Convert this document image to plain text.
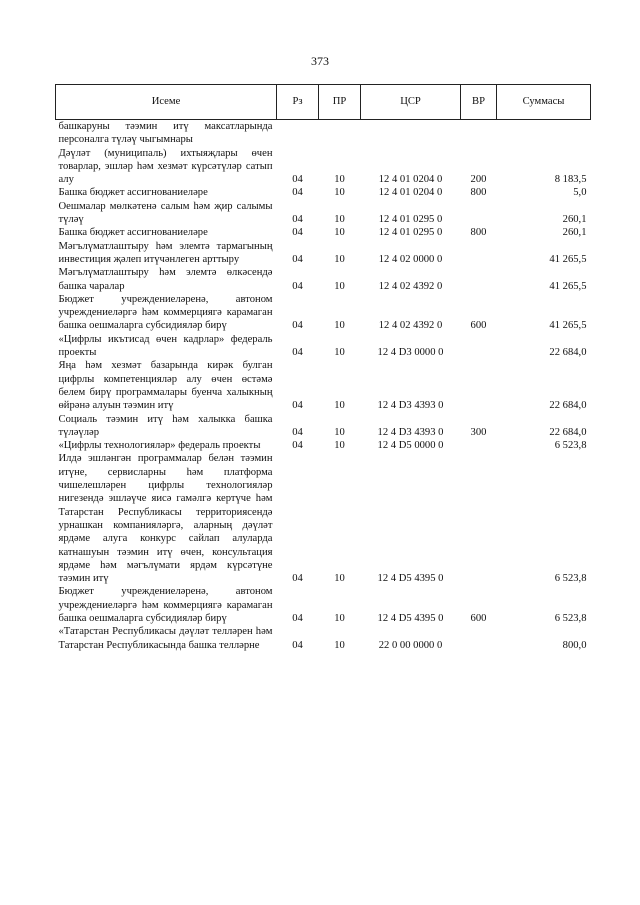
373
Исеме	Рз	ПР	ЦСР	ВР	Суммасы
башкаруны тәэмин итү максатларында персоналга түләү чыгымнары					
Дәүләт (муниципаль) ихтыяҗлары өчен товарлар, эшләр һәм хезмәт күрсәтүләр сатып алу	04	10	12 4 01 0204 0	200	8 183,5
Башка бюджет ассигнованиеләре	04	10	12 4 01 0204 0	800	5,0
Оешмалар мөлкәтенә салым һәм җир салымы түләү	04	10	12 4 01 0295 0		260,1
Башка бюджет ассигнованиеләре	04	10	12 4 01 0295 0	800	260,1
Мәгълүматлаштыру һәм элемтә тармагының инвестиция җәлеп итүчәнлеген арттыру	04	10	12 4 02 0000 0		41 265,5
Мәгълүматлаштыру һәм элемтә өлкәсендә башка чаралар	04	10	12 4 02 4392 0		41 265,5
Бюджет учреждениеләренә, автоном учреждениеләргә һәм коммерциягә карамаган башка оешмаларга субсидияләр бирү	04	10	12 4 02 4392 0	600	41 265,5
«Цифрлы икътисад өчен кадрлар» федераль проекты	04	10	12 4 D3 0000 0		22 684,0
Яңа һәм хезмәт базарында кирәк булган цифрлы компетенцияләр алу өчен өстәмә белем бирү программалары буенча халыкның өйрәнә алуын тәэмин итү	04	10	12 4 D3 4393 0		22 684,0
Социаль тәэмин итү һәм халыкка башка түләүләр	04	10	12 4 D3 4393 0	300	22 684,0
«Цифрлы технологияләр» федераль проекты	04	10	12 4 D5 0000 0		6 523,8
Илдә эшләнгән программалар белән тәэмин итүне, сервисларны һәм платформа чишелешләрен цифрлы технологияләр нигезендә эшләүче яисә гамәлгә кертүче һәм Татарстан Республикасы территориясендә урнашкан компанияләргә, аларның дәүләт ярдәме алуга конкурс сайлап алуларда катнашуын тәэмин итү өчен, консультация ярдәме һәм мәгълүмати ярдәм күрсәтүне тәэмин итү	04	10	12 4 D5 4395 0		6 523,8
Бюджет учреждениеләренә, автоном учреждениеләргә һәм коммерциягә карамаган башка оешмаларга субсидияләр бирү	04	10	12 4 D5 4395 0	600	6 523,8
«Татарстан Республикасы дәүләт телләрен һәм Татарстан Республикасында башка телләрне	04	10	22 0 00 0000 0		800,0
